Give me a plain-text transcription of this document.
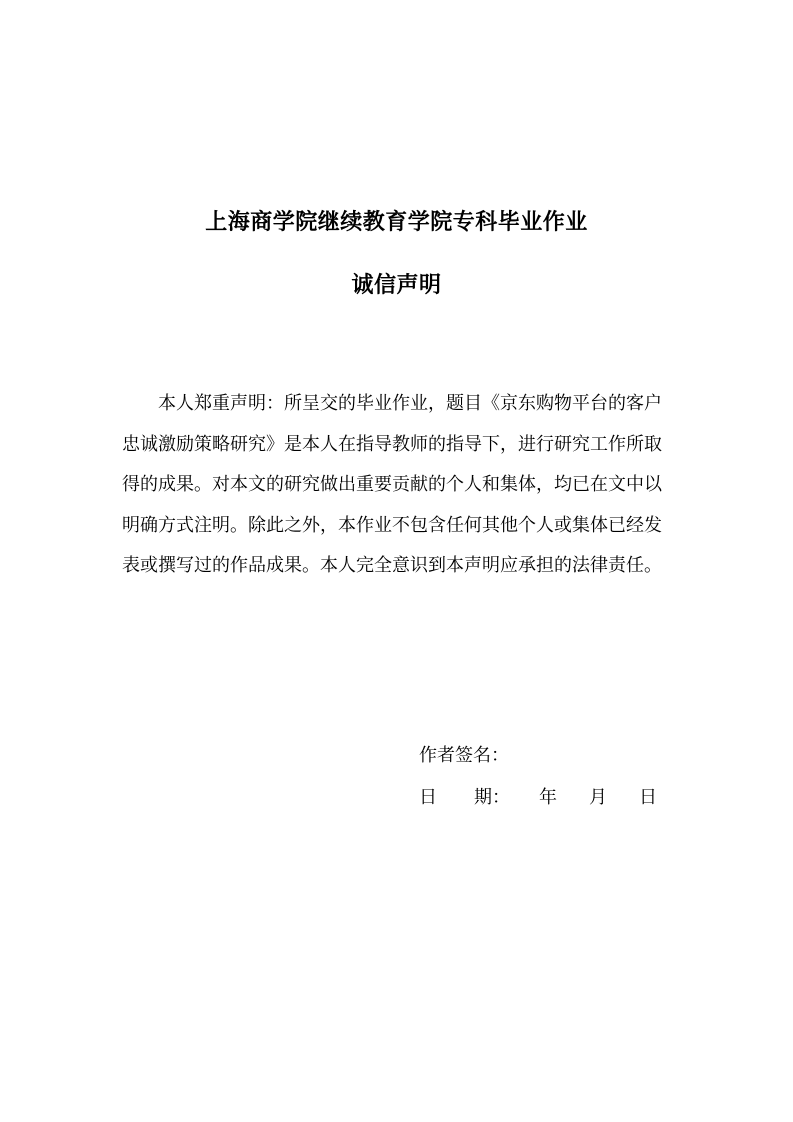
上海商学院继续教育学院专科毕业作业
诚信声明
本人郑重声明：所呈交的毕业作业，题目《京东购物平台的客户
忠诚激励策略研究》是本人在指导教师的指导下，进行研究工作所取
得的成果。对本文的研究做出重要贡献的个人和集体，均已在文中以
明确方式注明。除此之外，本作业不包含任何其他个人或集体已经发
表或撰写过的作品成果。本人完全意识到本声明应承担的法律责任。
作者签名：
日 期： 年 月 日
